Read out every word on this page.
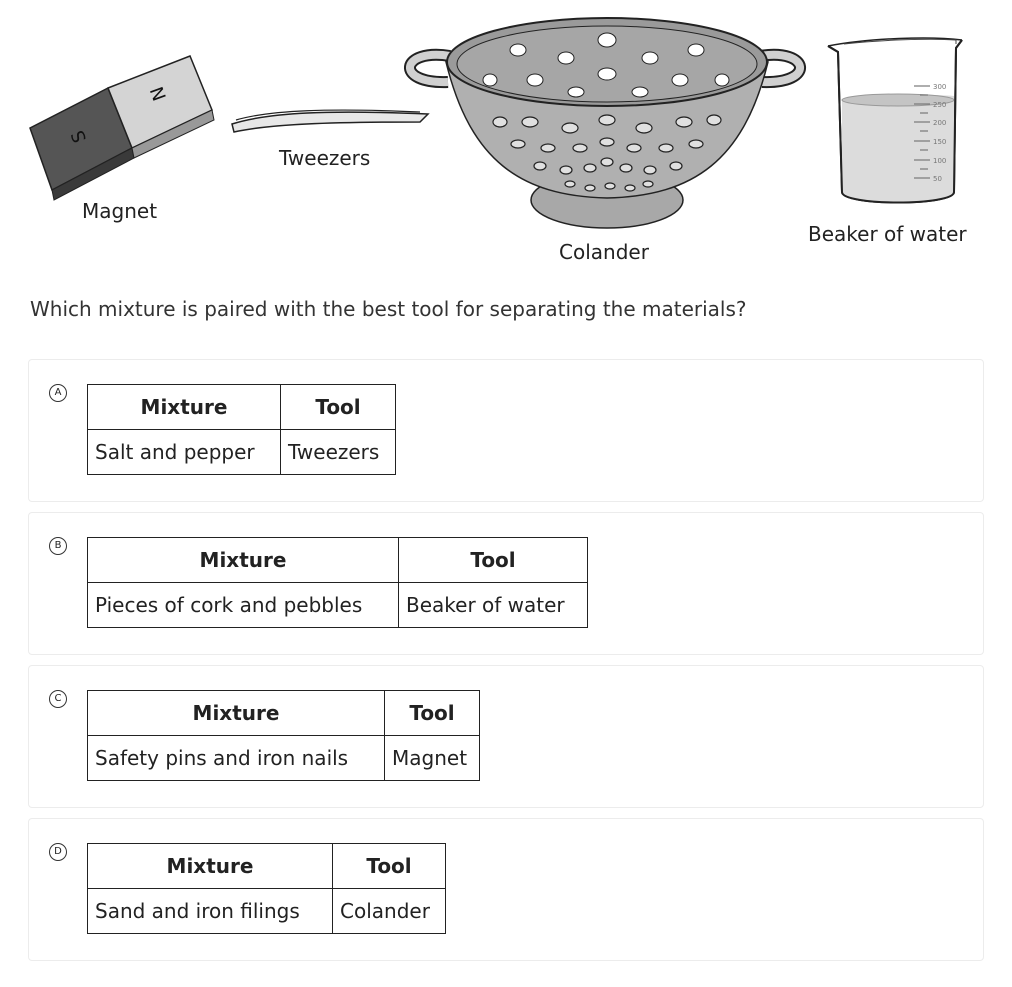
S
N	300
250
200
150
100
50
Magnet
Tweezers
Colander
Beaker of water
Which mixture is paired with the best tool for separating the materials?
A
Mixture	Tool
Salt and pepper	Tweezers
B
Mixture	Tool
Pieces of cork and pebbles	Beaker of water
C
Mixture	Tool
Safety pins and iron nails	Magnet
D
Mixture	Tool
Sand and iron filings	Colander
